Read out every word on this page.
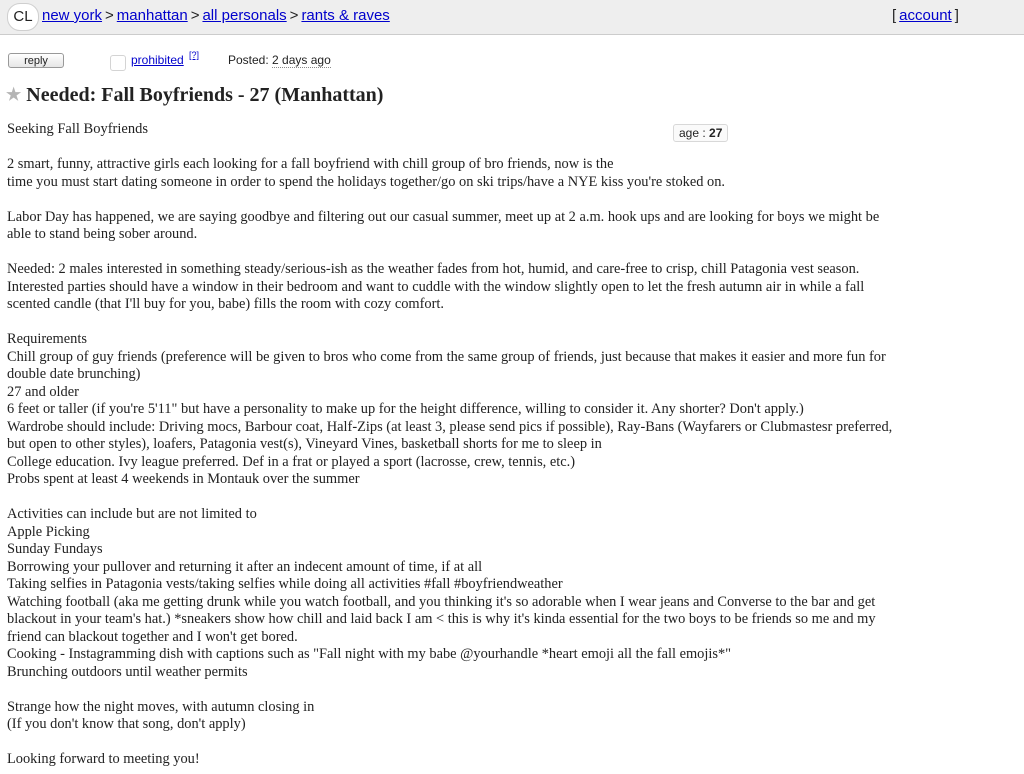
CL new york > manhattan > all personals > rants & raves	[ account ]
reply	prohibited [?] Posted: 2 days ago
★ Needed: Fall Boyfriends - 27 (Manhattan)
Seeking Fall Boyfriends	age : 27
2 smart, funny, attractive girls each looking for a fall boyfriend with chill group of bro friends, now is the
time you must start dating someone in order to spend the holidays together/go on ski trips/have a NYE kiss you're stoked on.
Labor Day has happened, we are saying goodbye and filtering out our casual summer, meet up at 2 a.m. hook ups and are looking for boys we might be
able to stand being sober around.
Needed: 2 males interested in something steady/serious-ish as the weather fades from hot, humid, and care-free to crisp, chill Patagonia vest season.
Interested parties should have a window in their bedroom and want to cuddle with the window slightly open to let the fresh autumn air in while a fall
scented candle (that I'll buy for you, babe) fills the room with cozy comfort.
Requirements
Chill group of guy friends (preference will be given to bros who come from the same group of friends, just because that makes it easier and more fun for
double date brunching)
27 and older
6 feet or taller (if you're 5'11" but have a personality to make up for the height difference, willing to consider it. Any shorter? Don't apply.)
Wardrobe should include: Driving mocs, Barbour coat, Half-Zips (at least 3, please send pics if possible), Ray-Bans (Wayfarers or Clubmastesr preferred,
but open to other styles), loafers, Patagonia vest(s), Vineyard Vines, basketball shorts for me to sleep in
College education. Ivy league preferred. Def in a frat or played a sport (lacrosse, crew, tennis, etc.)
Probs spent at least 4 weekends in Montauk over the summer
Activities can include but are not limited to
Apple Picking
Sunday Fundays
Borrowing your pullover and returning it after an indecent amount of time, if at all
Taking selfies in Patagonia vests/taking selfies while doing all activities #fall #boyfriendweather
Watching football (aka me getting drunk while you watch football, and you thinking it's so adorable when I wear jeans and Converse to the bar and get
blackout in your team's hat.) *sneakers show how chill and laid back I am < this is why it's kinda essential for the two boys to be friends so me and my
friend can blackout together and I won't get bored.
Cooking - Instagramming dish with captions such as "Fall night with my babe @yourhandle *heart emoji all the fall emojis*"
Brunching outdoors until weather permits
Strange how the night moves, with autumn closing in
(If you don't know that song, don't apply)
Looking forward to meeting you!
